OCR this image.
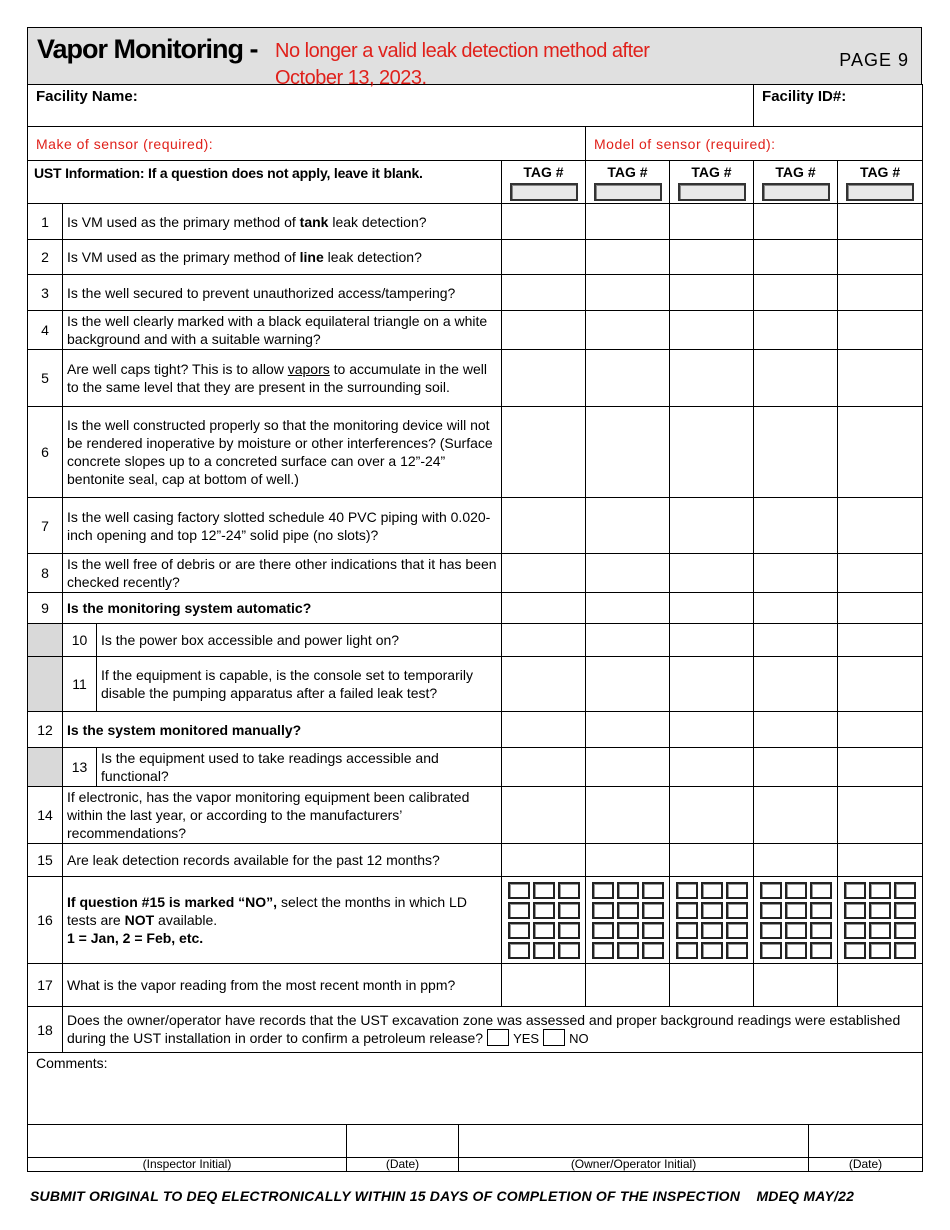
Vapor Monitoring - No longer a valid leak detection method after October 13, 2023.
PAGE 9
Facility Name:						Facility ID#:	
Make of sensor (required):				Model of sensor (required):			
UST Information: If a question does not apply, leave it blank.			TAG #	TAG #	TAG #	TAG #	TAG #

1	Is VM used as the primary method of tank leak detection?						
2	Is VM used as the primary method of line leak detection?						
3	Is the well secured to prevent unauthorized access/tampering?						
4	Is the well clearly marked with a black equilateral triangle on a white background and with a suitable warning?						
5	Are well caps tight? This is to allow vapors to accumulate in the well to the same level that they are present in the surrounding soil.						
6	Is the well constructed properly so that the monitoring device will not be rendered inoperative by moisture or other interferences? (Surface concrete slopes up to a concreted surface can over a 12”-24” bentonite seal, cap at bottom of well.)						
7	Is the well casing factory slotted schedule 40 PVC piping with 0.020-inch opening and top 12”-24” solid pipe (no slots)?						
8	Is the well free of debris or are there other indications that it has been checked recently?						
9	Is the monitoring system automatic?						
	10	Is the power box accessible and power light on?					
	11	If the equipment is capable, is the console set to temporarily disable the pumping apparatus after a failed leak test?					
12	Is the system monitored manually?						
	13	Is the equipment used to take readings accessible and functional?					
14	If electronic, has the vapor monitoring equipment been calibrated within the last year, or according to the manufacturers’ recommendations?						
15	Are leak detection records available for the past 12 months?						
16	If question #15 is marked “NO”, select the months in which LD tests are NOT available.
1 = Jan, 2 = Feb, etc.		

17	What is the vapor reading from the most recent month in ppm?						
18	Does the owner/operator have records that the UST excavation zone was assessed and proper background readings were established during the UST installation in order to confirm a petroleum release? YES NO						
Comments:							

(Inspector Initial)	(Date)	(Owner/Operator Initial)	(Date)
SUBMIT ORIGINAL TO DEQ ELECTRONICALLY WITHIN 15 DAYS OF COMPLETION OF THE INSPECTION    MDEQ MAY/22
